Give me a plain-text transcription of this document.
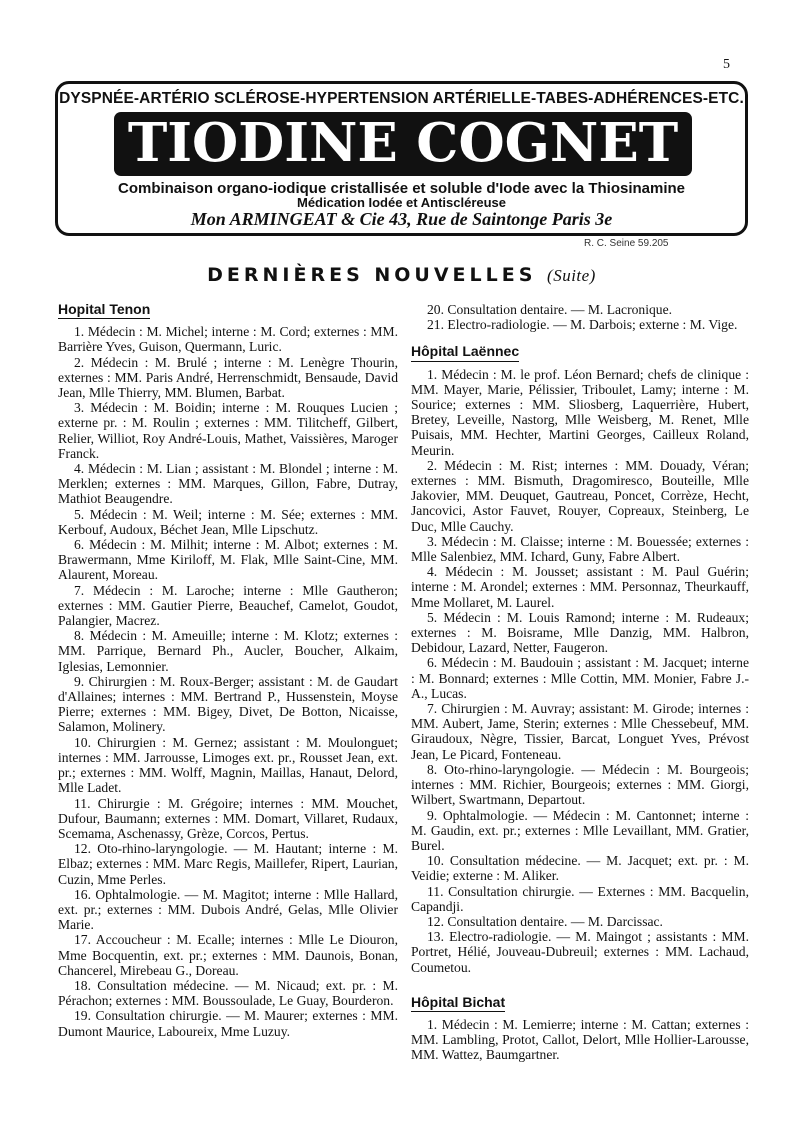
5
DYSPNÉE-ARTÉRIO SCLÉROSE-HYPERTENSION ARTÉRIELLE-TABES-ADHÉRENCES-ETC.
TIODINE COGNET
Combinaison organo-iodique cristallisée et soluble d'Iode avec la Thiosinamine
Médication Iodée et Antiscléreuse
Mon ARMINGEAT & Cie 43, Rue de Saintonge Paris 3e
R. C. Seine 59.205
DERNIÈRES NOUVELLES (Suite)
Hopital Tenon

1. Médecin : M. Michel; interne : M. Cord; externes : MM. Barrière Yves, Guison, Quermann, Luric.

2. Médecin : M. Brulé ; interne : M. Lenègre Thourin, externes : MM. Paris André, Herrenschmidt, Bensaude, David Jean, Mlle Thierry, MM. Blumen, Barbat.

3. Médecin : M. Boidin; interne : M. Rouques Lucien ; externe pr. : M. Roulin ; externes : MM. Tilitcheff, Gilbert, Relier, Williot, Roy André-Louis, Mathet, Vaissières, Maroger Franck.

4. Médecin : M. Lian ; assistant : M. Blondel ; interne : M. Merklen; externes : MM. Marques, Gillon, Fabre, Dutray, Mathiot Beaugendre.

5. Médecin : M. Weil; interne : M. Sée; externes : MM. Kerbouf, Audoux, Béchet Jean, Mlle Lipschutz.

6. Médecin : M. Milhit; interne : M. Albot; externes : M. Brawermann, Mme Kiriloff, M. Flak, Mlle Saint-Cine, MM. Alaurent, Moreau.

7. Médecin : M. Laroche; interne : Mlle Gautheron; externes : MM. Gautier Pierre, Beauchef, Camelot, Goudot, Palangier, Macrez.

8. Médecin : M. Ameuille; interne : M. Klotz; externes : MM. Parrique, Bernard Ph., Aucler, Boucher, Alkaim, Iglesias, Lemonnier.

9. Chirurgien : M. Roux-Berger; assistant : M. de Gaudart d'Allaines; internes : MM. Bertrand P., Hussenstein, Moyse Pierre; externes : MM. Bigey, Divet, De Botton, Nicaisse, Salamon, Molinery.

10. Chirurgien : M. Gernez; assistant : M. Moulonguet; internes : MM. Jarrousse, Limoges ext. pr., Rousset Jean, ext. pr.; externes : MM. Wolff, Magnin, Maillas, Hanaut, Delord, Mlle Ladet.

11. Chirurgie : M. Grégoire; internes : MM. Mouchet, Dufour, Baumann; externes : MM. Domart, Villaret, Rudaux, Scemama, Aschenassy, Grèze, Corcos, Pertus.

12. Oto-rhino-laryngologie. — M. Hautant; interne : M. Elbaz; externes : MM. Marc Regis, Maillefer, Ripert, Laurian, Cuzin, Mme Perles.

16. Ophtalmologie. — M. Magitot; interne : Mlle Hallard, ext. pr.; externes : MM. Dubois André, Gelas, Mlle Olivier Marie.

17. Accoucheur : M. Ecalle; internes : Mlle Le Diouron, Mme Bocquentin, ext. pr.; externes : MM. Daunois, Bonan, Chancerel, Mirebeau G., Doreau.

18. Consultation médecine. — M. Nicaud; ext. pr. : M. Pérachon; externes : MM. Boussoulade, Le Guay, Bourderon.

19. Consultation chirurgie. — M. Maurer; externes : MM. Dumont Maurice, Laboureix, Mme Luzuy.

20. Consultation dentaire. — M. Lacronique.

21. Electro-radiologie. — M. Darbois; externe : M. Vige.

Hôpital Laënnec

1. Médecin : M. le prof. Léon Bernard; chefs de clinique : MM. Mayer, Marie, Pélissier, Triboulet, Lamy; interne : M. Sourice; externes : MM. Sliosberg, Laquerrière, Hubert, Bretey, Leveille, Nastorg, Mlle Weisberg, M. Renet, Mlle Puisais, MM. Hechter, Martini Georges, Cailleux Roland, Meurin.

2. Médecin : M. Rist; internes : MM. Douady, Véran; externes : MM. Bismuth, Dragomiresco, Bouteille, Mlle Jakovier, MM. Deuquet, Gautreau, Poncet, Corrèze, Hecht, Jancovici, Astor Fauvet, Rouyer, Copreaux, Steinberg, Le Duc, Mlle Cauchy.

3. Médecin : M. Claisse; interne : M. Bouessée; externes : Mlle Salenbiez, MM. Ichard, Guny, Fabre Albert.

4. Médecin : M. Jousset; assistant : M. Paul Guérin; interne : M. Arondel; externes : MM. Personnaz, Theurkauff, Mme Mollaret, M. Laurel.

5. Médecin : M. Louis Ramond; interne : M. Rudeaux; externes : M. Boisrame, Mlle Danzig, MM. Halbron, Debidour, Lazard, Netter, Faugeron.

6. Médecin : M. Baudouin ; assistant : M. Jacquet; interne : M. Bonnard; externes : Mlle Cottin, MM. Monier, Fabre J.-A., Lucas.

7. Chirurgien : M. Auvray; assistant: M. Girode; internes : MM. Aubert, Jame, Sterin; externes : Mlle Chessebeuf, MM. Giraudoux, Nègre, Tissier, Barcat, Longuet Yves, Prévost Jean, Le Picard, Fonteneau.

8. Oto-rhino-laryngologie. — Médecin : M. Bourgeois; internes : MM. Richier, Bourgeois; externes : MM. Giorgi, Wilbert, Swartmann, Departout.

9. Ophtalmologie. — Médecin : M. Cantonnet; interne : M. Gaudin, ext. pr.; externes : Mlle Levaillant, MM. Gratier, Burel.

10. Consultation médecine. — M. Jacquet; ext. pr. : M. Veidie; externe : M. Aliker.

11. Consultation chirurgie. — Externes : MM. Bacquelin, Capandji.

12. Consultation dentaire. — M. Darcissac.

13. Electro-radiologie. — M. Maingot ; assistants : MM. Portret, Hélié, Jouveau-Dubreuil; externes : MM. Lachaud, Coumetou.

Hôpital Bichat

1. Médecin : M. Lemierre; interne : M. Cattan; externes : MM. Lambling, Protot, Callot, Delort, Mlle Hollier-Larousse, MM. Wattez, Baumgartner.
